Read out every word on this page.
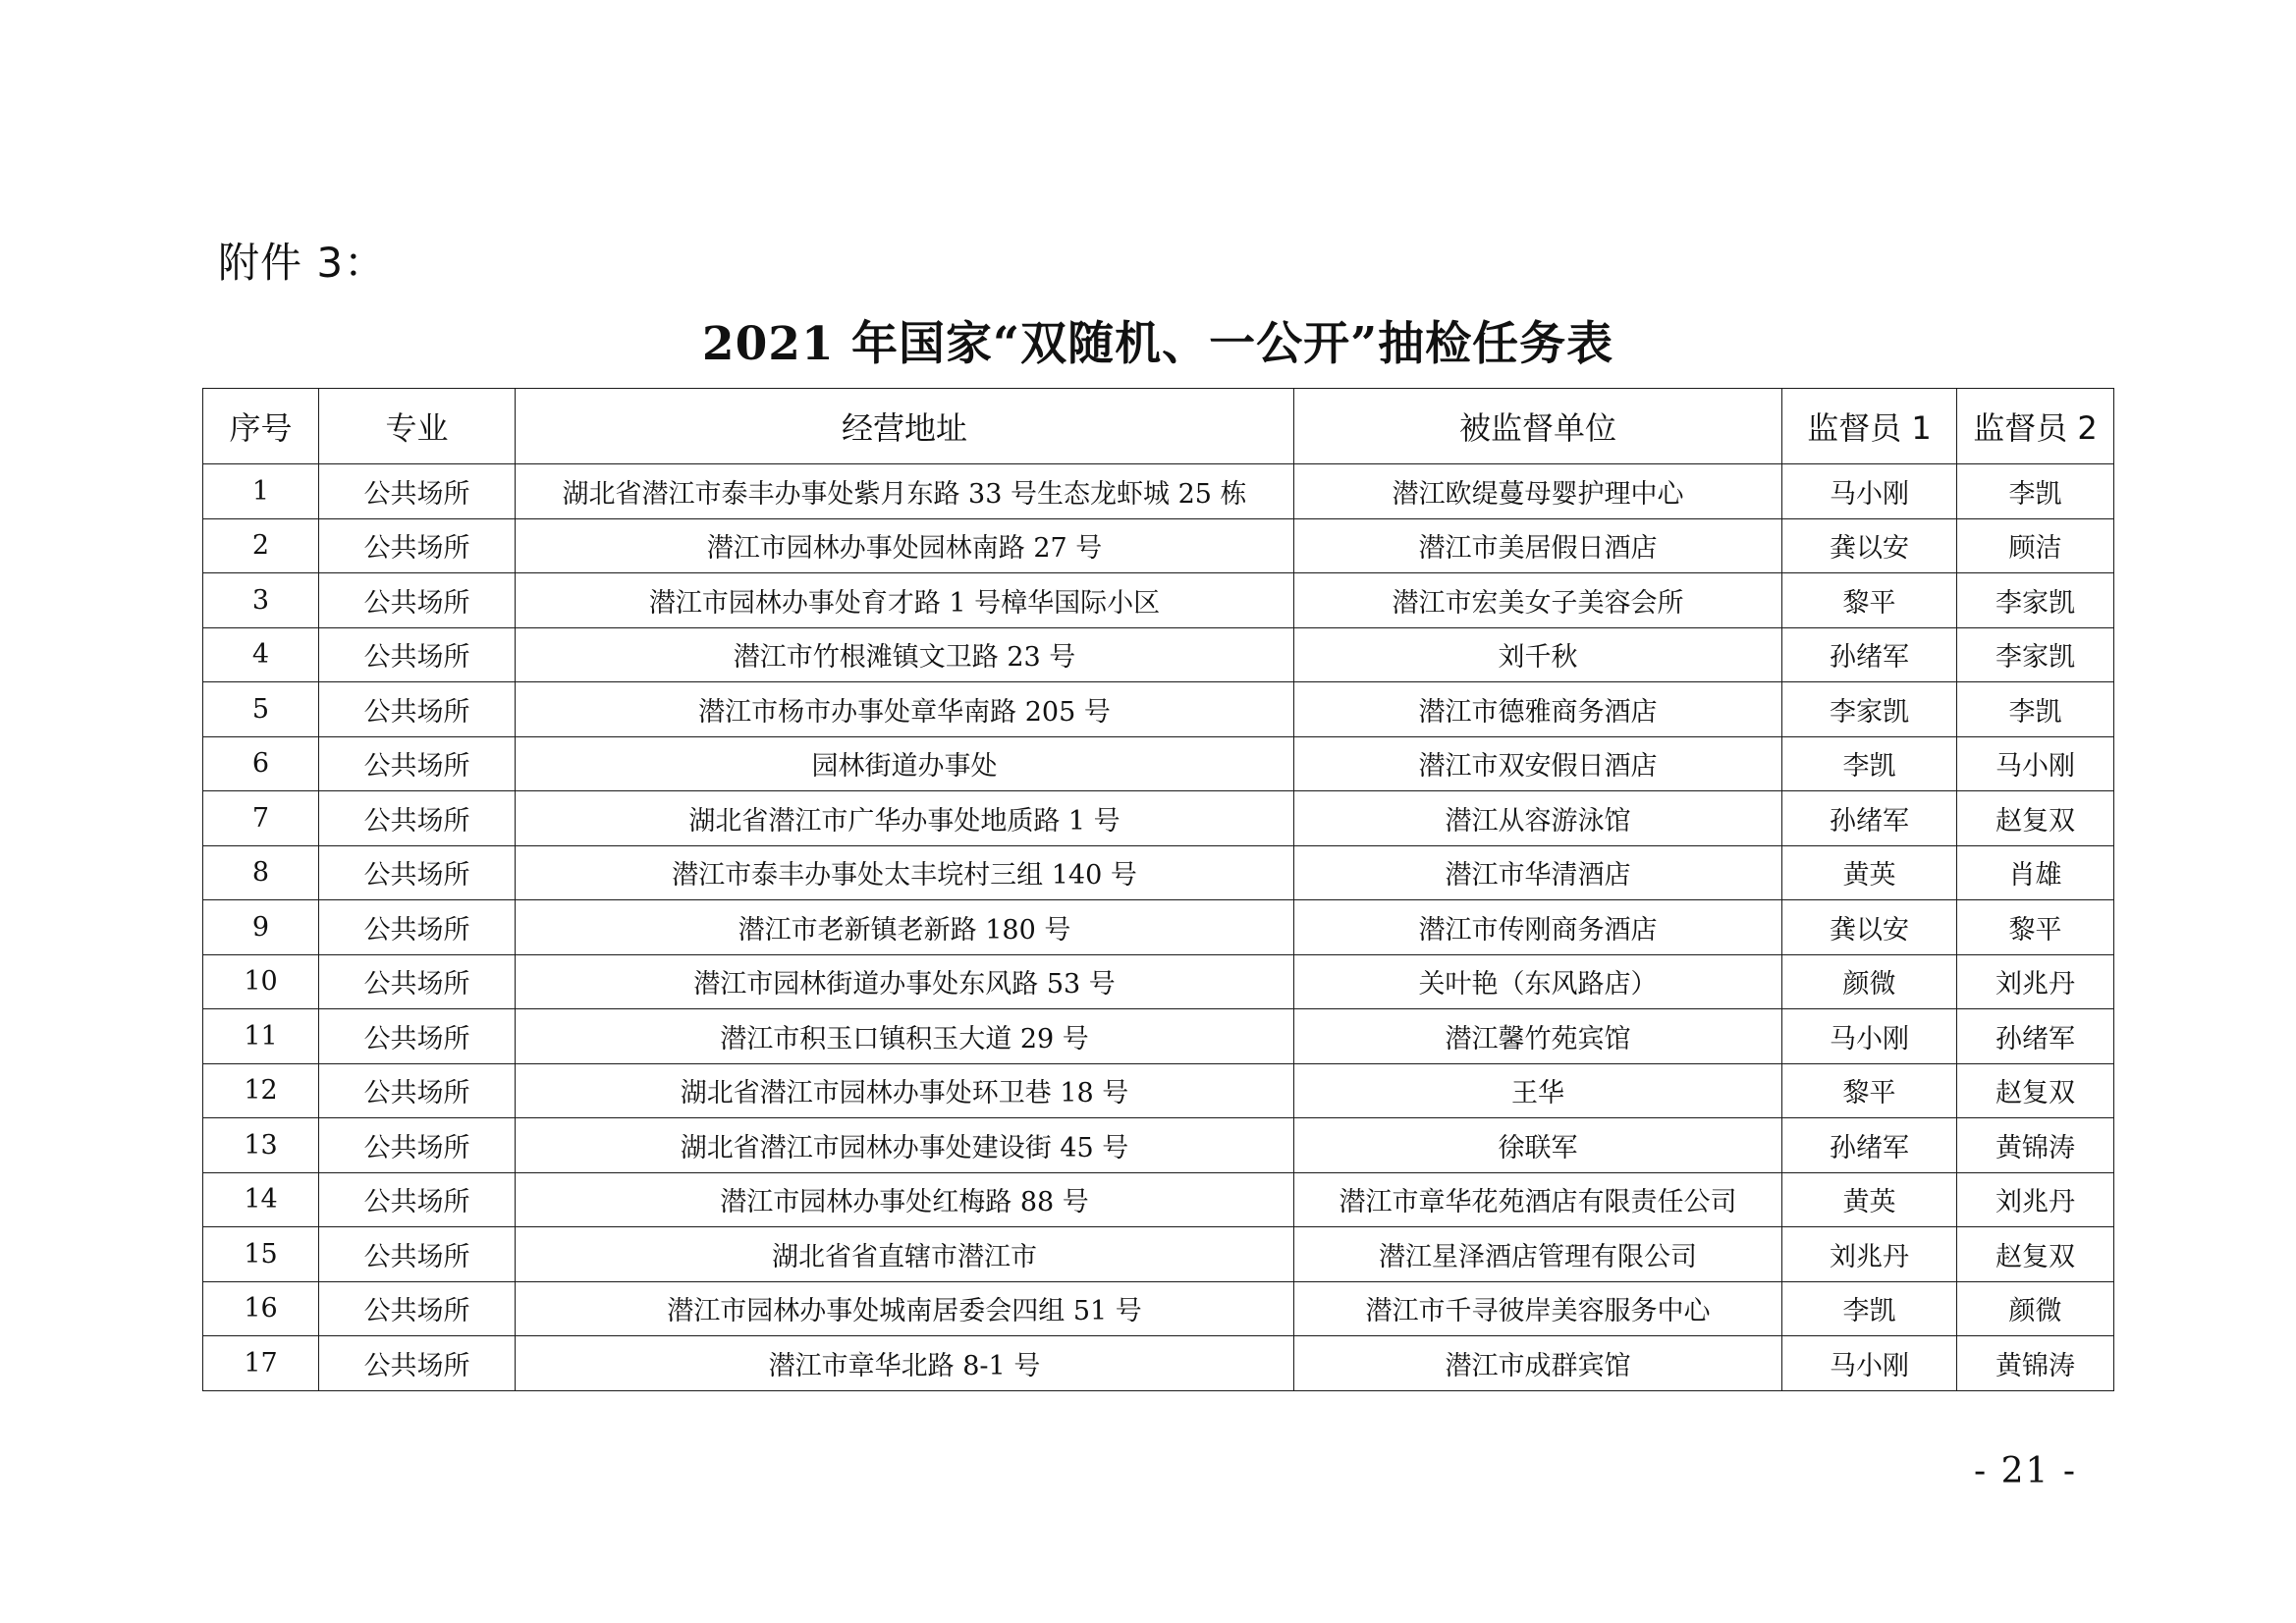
附件 3：
2021 年国家“双随机、一公开”抽检任务表
序号	专业	经营地址	被监督单位	监督员 1	监督员 2
1	公共场所	湖北省潜江市泰丰办事处紫月东路 33 号生态龙虾城 25 栋	潜江欧缇蔓母婴护理中心	马小刚	李凯
2	公共场所	潜江市园林办事处园林南路 27 号	潜江市美居假日酒店	龚以安	顾洁
3	公共场所	潜江市园林办事处育才路 1 号樟华国际小区	潜江市宏美女子美容会所	黎平	李家凯
4	公共场所	潜江市竹根滩镇文卫路 23 号	刘千秋	孙绪军	李家凯
5	公共场所	潜江市杨市办事处章华南路 205 号	潜江市德雅商务酒店	李家凯	李凯
6	公共场所	园林街道办事处	潜江市双安假日酒店	李凯	马小刚
7	公共场所	湖北省潜江市广华办事处地质路 1 号	潜江从容游泳馆	孙绪军	赵复双
8	公共场所	潜江市泰丰办事处太丰垸村三组 140 号	潜江市华清酒店	黄英	肖雄
9	公共场所	潜江市老新镇老新路 180 号	潜江市传刚商务酒店	龚以安	黎平
10	公共场所	潜江市园林街道办事处东风路 53 号	关叶艳（东风路店）	颜微	刘兆丹
11	公共场所	潜江市积玉口镇积玉大道 29 号	潜江馨竹苑宾馆	马小刚	孙绪军
12	公共场所	湖北省潜江市园林办事处环卫巷 18 号	王华	黎平	赵复双
13	公共场所	湖北省潜江市园林办事处建设街 45 号	徐联军	孙绪军	黄锦涛
14	公共场所	潜江市园林办事处红梅路 88 号	潜江市章华花苑酒店有限责任公司	黄英	刘兆丹
15	公共场所	湖北省省直辖市潜江市	潜江星泽酒店管理有限公司	刘兆丹	赵复双
16	公共场所	潜江市园林办事处城南居委会四组 51 号	潜江市千寻彼岸美容服务中心	李凯	颜微
17	公共场所	潜江市章华北路 8-1 号	潜江市成群宾馆	马小刚	黄锦涛
- 21 -
